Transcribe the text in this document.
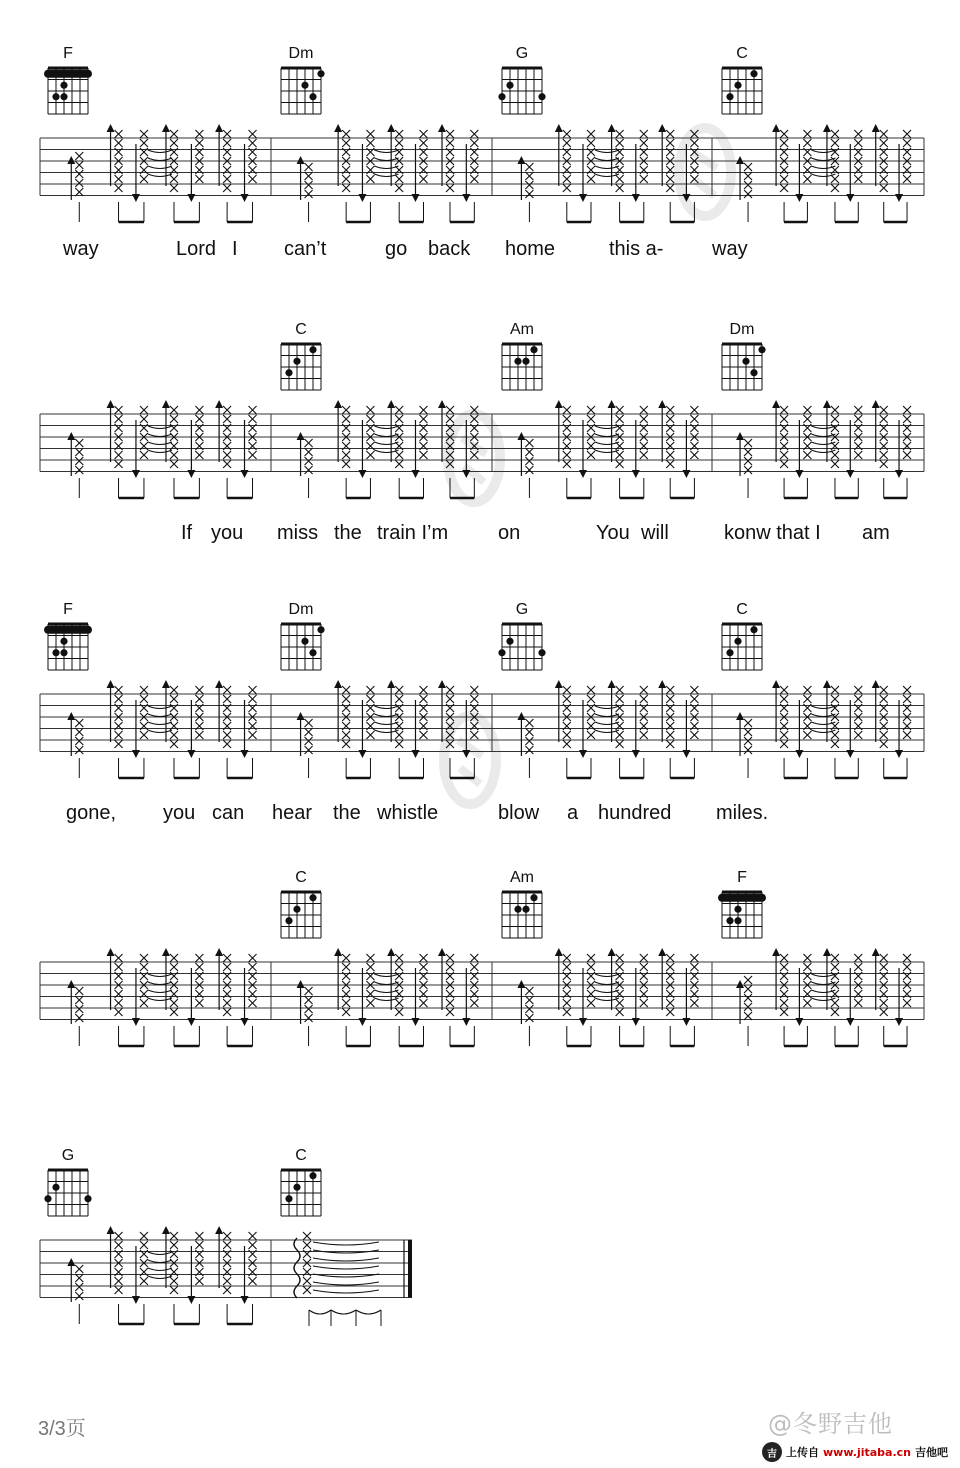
way	Lord I can’t	go back home	this a- way
F	Dm	G	C
If you miss the train I’m on	You will	konw that I am
C	Am	Dm
gone, you can hear the whistle	blow a hundred miles.
F	Dm	G	C
C	Am	F
G	C
3/3页	@冬野吉他
吉 上传自 www.jitaba.cn 吉他吧
